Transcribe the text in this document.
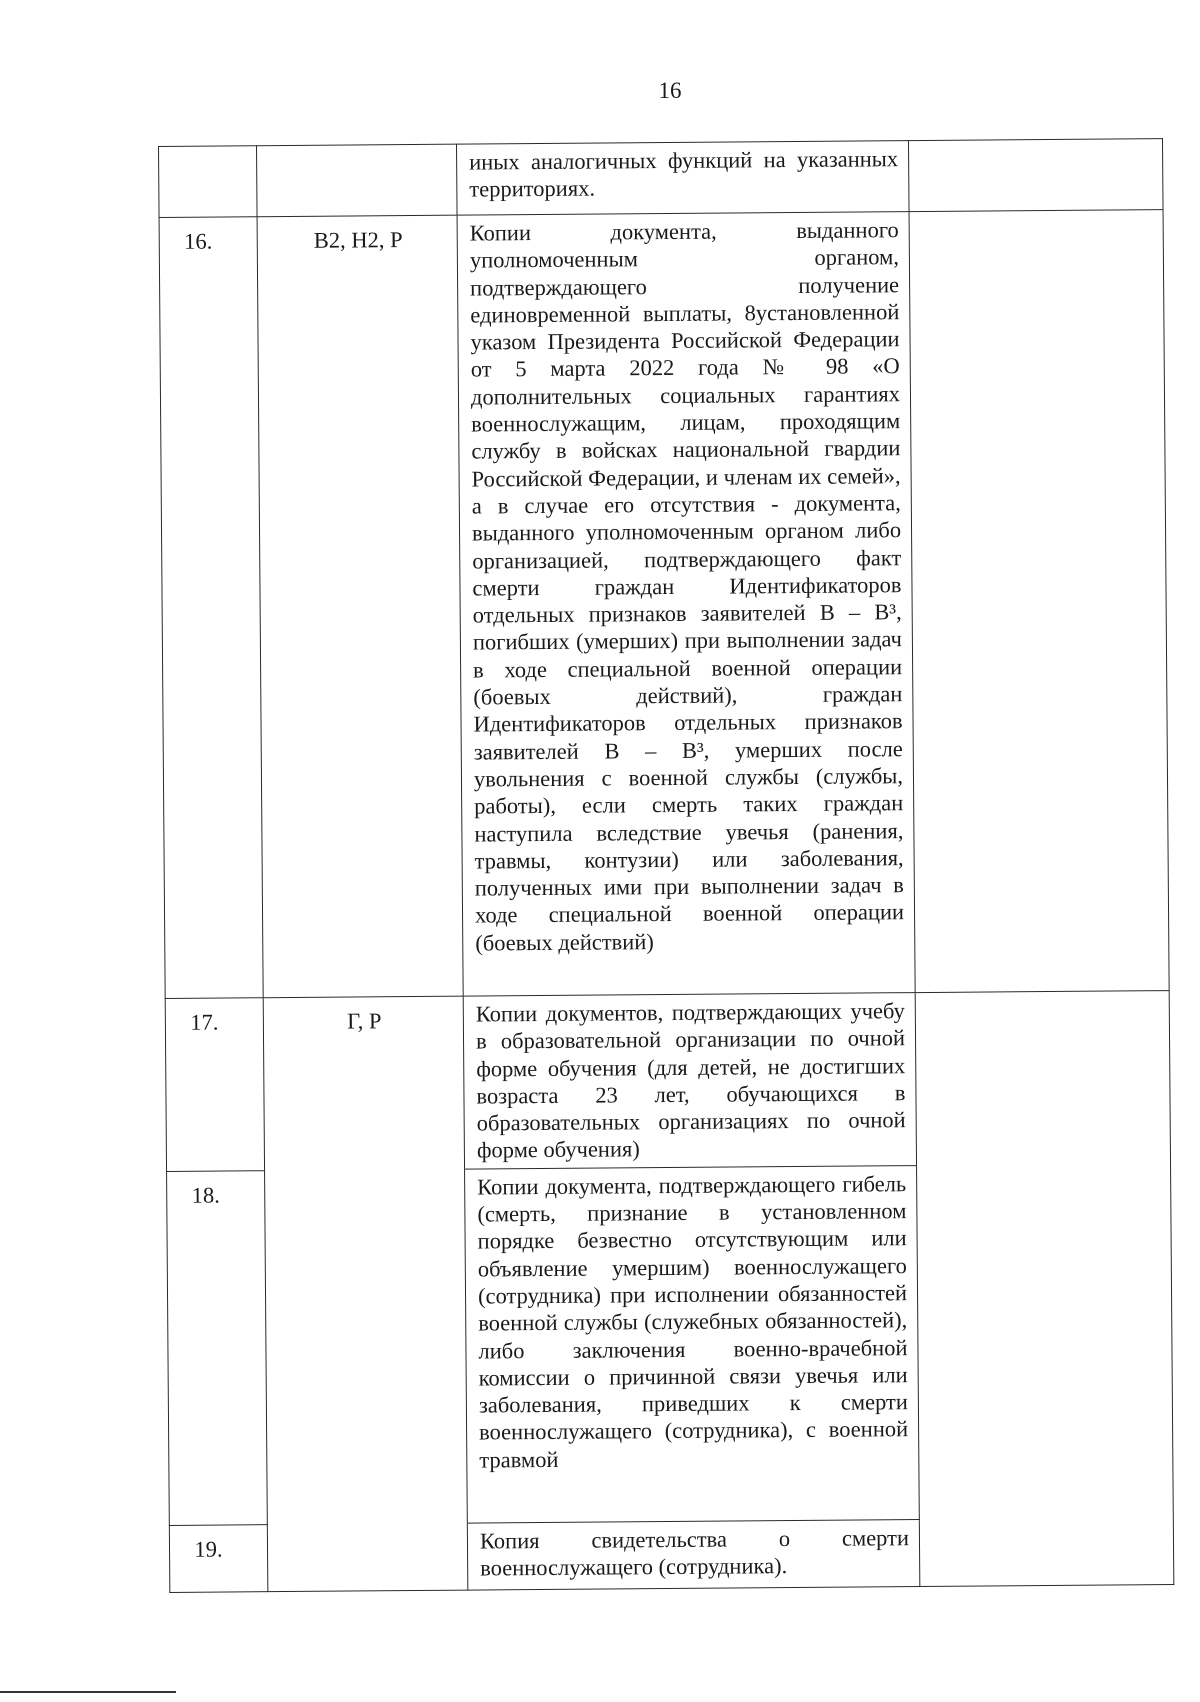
16

		иных аналогичных функций на указанных территориях.	

16.	В2, Н2, Р	Копии документа, выданного уполномоченным органом, подтверждающего получение единовременной выплаты, 8установленной указом Президента Российской Федерации от 5 марта 2022 года № 98 «О дополнительных социальных гарантиях военнослужащим, лицам, проходящим службу в войсках национальной гвардии Российской Федерации, и членам их семей», а в случае его отсутствия - документа, выданного уполномоченным органом либо организацией, подтверждающего факт смерти граждан Идентификаторов отдельных признаков заявителей В – В³, погибших (умерших) при выполнении задач в ходе специальной военной операции (боевых действий), граждан Идентификаторов отдельных признаков заявителей В – В³, умерших после увольнения с военной службы (службы, работы), если смерть таких граждан наступила вследствие увечья (ранения, травмы, контузии) или заболевания, полученных ими при выполнении задач в ходе специальной военной операции (боевых действий)	

17.	Г, Р	Копии документов, подтверждающих учебу в образовательной организации по очной форме обучения (для детей, не достигших возраста 23 лет, обучающихся в образовательных организациях по очной форме обучения)	

18.		Копии документа, подтверждающего гибель (смерть, признание в установленном порядке безвестно отсутствующим или объявление умершим) военнослужащего (сотрудника) при исполнении обязанностей военной службы (служебных обязанностей), либо заключения военно-врачебной комиссии о причинной связи увечья или заболевания, приведших к смерти военнослужащего (сотрудника), с военной травмой	

19.		Копия свидетельства о смерти военнослужащего (сотрудника).	
